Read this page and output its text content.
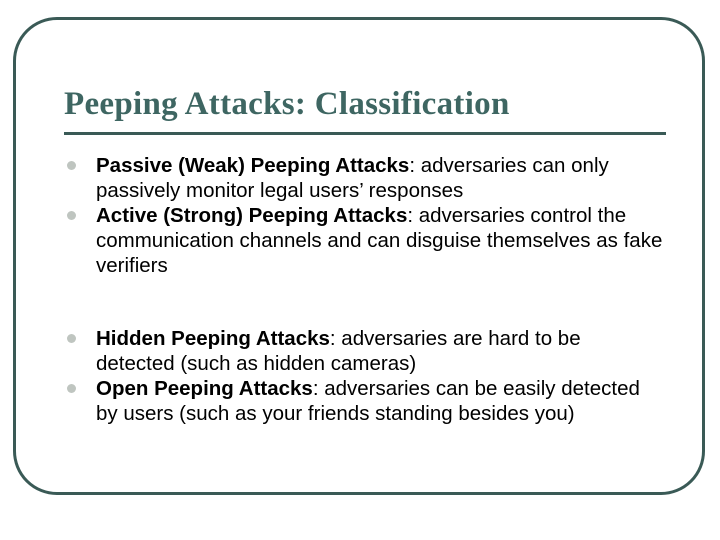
Peeping Attacks: Classification
Passive (Weak) Peeping Attacks: adversaries can only passively monitor legal users’ responses
Active (Strong) Peeping Attacks: adversaries control the communication channels and can disguise themselves as fake verifiers
Hidden Peeping Attacks: adversaries are hard to be detected (such as hidden cameras)
Open Peeping Attacks: adversaries can be easily detected by users (such as your friends standing besides you)
